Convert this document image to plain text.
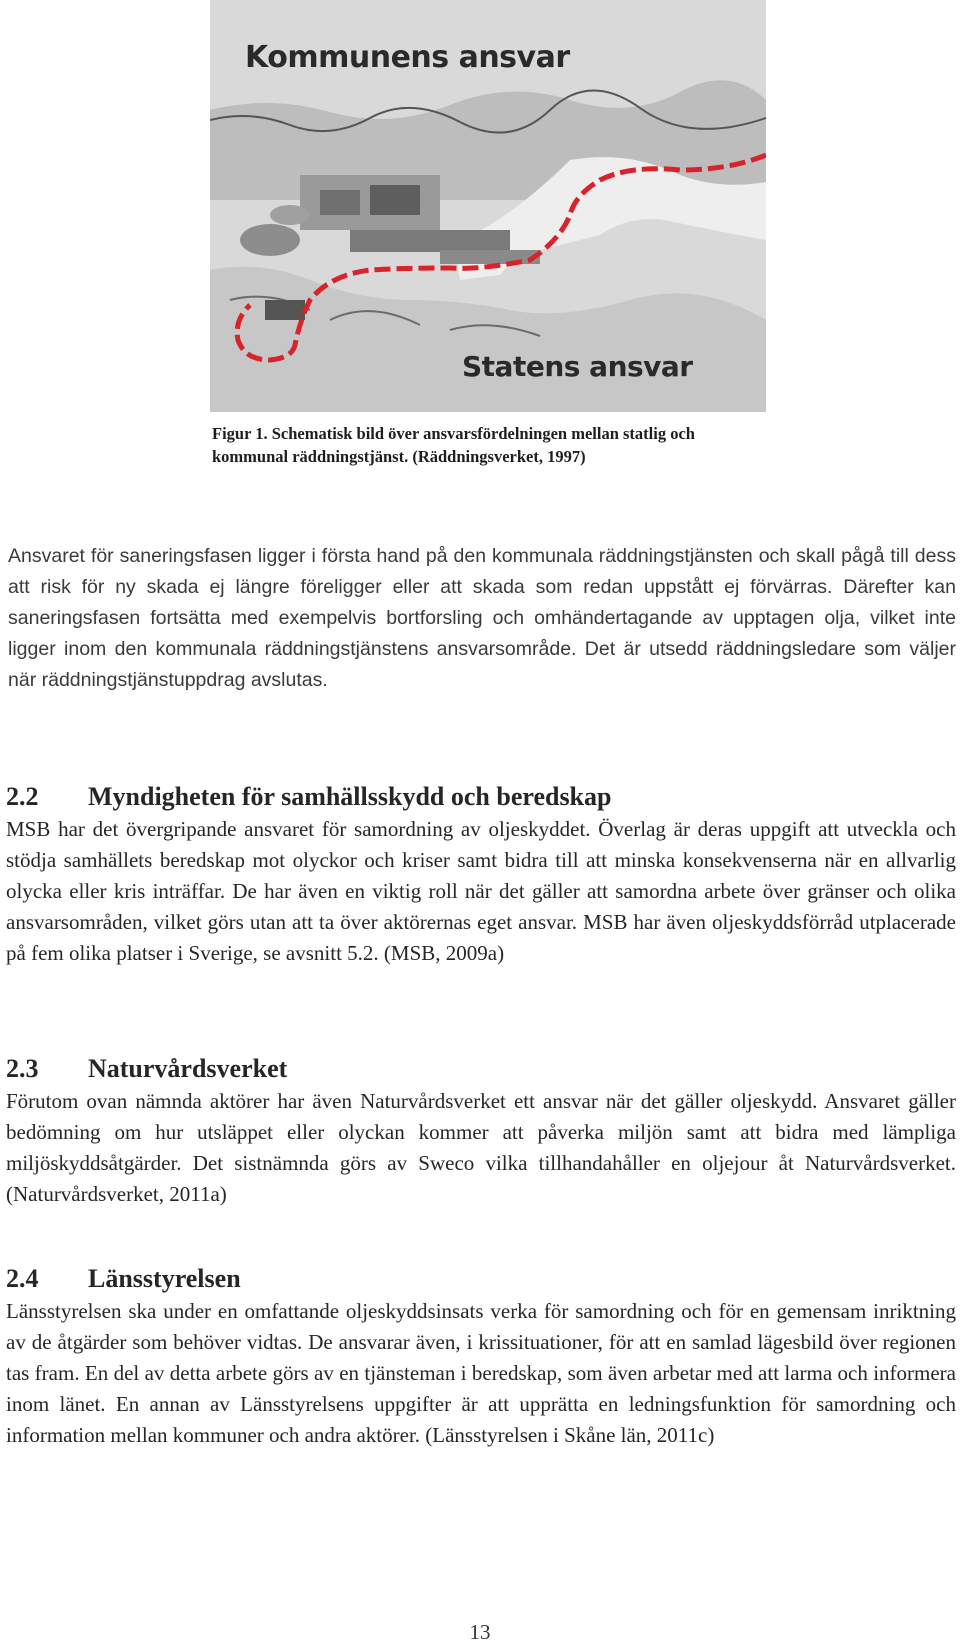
Kommunens ansvar
Statens ansvar
Figur 1. Schematisk bild över ansvarsfördelningen mellan statlig och kommunal räddningstjänst. (Räddningsverket, 1997)
Ansvaret för saneringsfasen ligger i första hand på den kommunala räddningstjänsten och skall pågå till dess att risk för ny skada ej längre föreligger eller att skada som redan uppstått ej förvärras. Därefter kan saneringsfasen fortsätta med exempelvis bortforsling och omhändertagande av upptagen olja, vilket inte ligger inom den kommunala räddningstjänstens ansvarsområde. Det är utsedd räddningsledare som väljer när räddningstjänstuppdrag avslutas.
2.2 Myndigheten för samhällsskydd och beredskap

MSB har det övergripande ansvaret för samordning av oljeskyddet. Överlag är deras uppgift att utveckla och stödja samhällets beredskap mot olyckor och kriser samt bidra till att minska konsekvenserna när en allvarlig olycka eller kris inträffar. De har även en viktig roll när det gäller att samordna arbete över gränser och olika ansvarsområden, vilket görs utan att ta över aktörernas eget ansvar. MSB har även oljeskyddsförråd utplacerade på fem olika platser i Sverige, se avsnitt 5.2. (MSB, 2009a)

2.3 Naturvårdsverket

Förutom ovan nämnda aktörer har även Naturvårdsverket ett ansvar när det gäller oljeskydd. Ansvaret gäller bedömning om hur utsläppet eller olyckan kommer att påverka miljön samt att bidra med lämpliga miljöskyddsåtgärder. Det sistnämnda görs av Sweco vilka tillhandahåller en oljejour åt Naturvårdsverket. (Naturvårdsverket, 2011a)

2.4 Länsstyrelsen

Länsstyrelsen ska under en omfattande oljeskyddsinsats verka för samordning och för en gemensam inriktning av de åtgärder som behöver vidtas. De ansvarar även, i krissituationer, för att en samlad lägesbild över regionen tas fram. En del av detta arbete görs av en tjänsteman i beredskap, som även arbetar med att larma och informera inom länet. En annan av Länsstyrelsens uppgifter är att upprätta en ledningsfunktion för samordning och information mellan kommuner och andra aktörer. (Länsstyrelsen i Skåne län, 2011c)

13
